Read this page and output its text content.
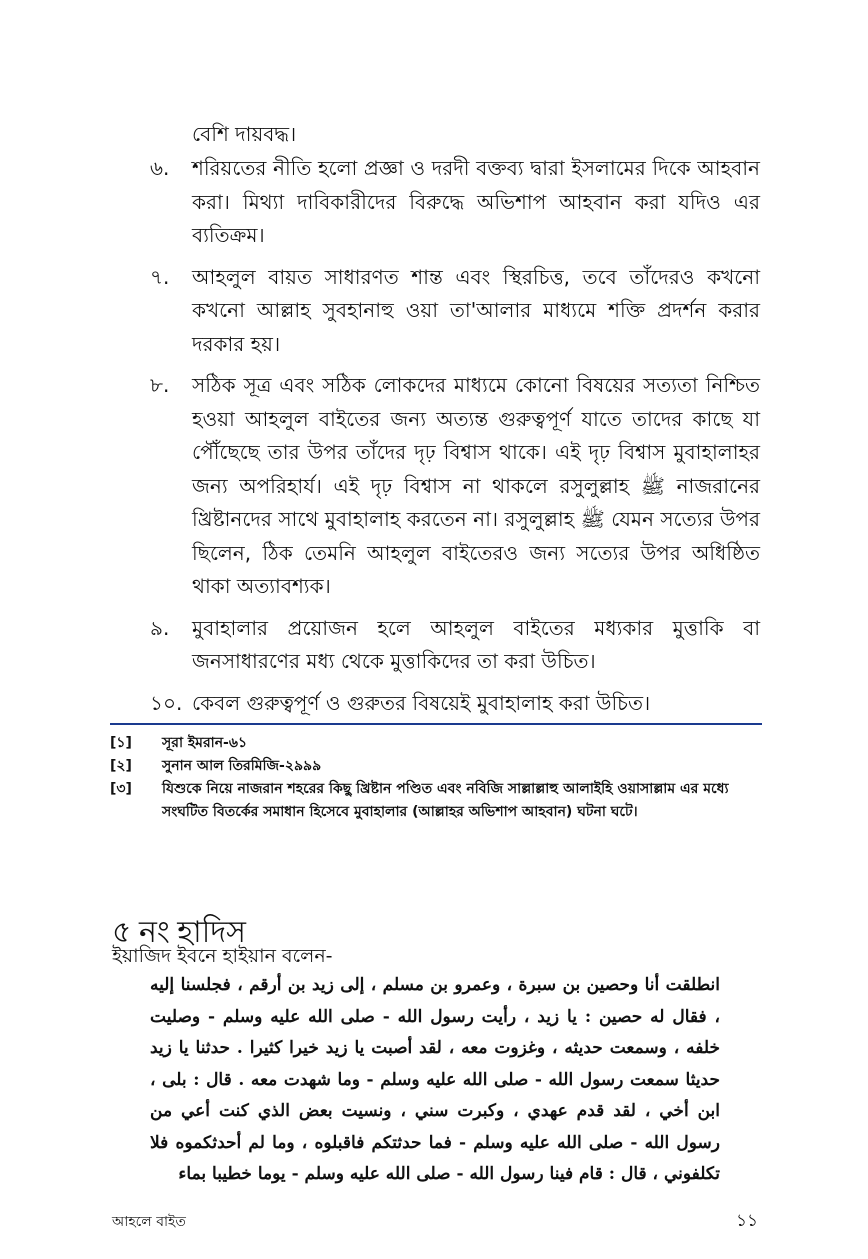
বেশি দায়বদ্ধ।
৬.	শরিয়তের নীতি হলো প্রজ্ঞা ও দরদী বক্তব্য দ্বারা ইসলামের দিকে আহবান করা। মিথ্যা দাবিকারীদের বিরুদ্ধে অভিশাপ আহবান করা যদিও এর ব্যতিক্রম।
৭.	আহলুল বায়ত সাধারণত শান্ত এবং স্থিরচিত্ত, তবে তাঁদেরও কখনো কখনো আল্লাহ সুবহানাহু ওয়া তা'আলার মাধ্যমে শক্তি প্রদর্শন করার দরকার হয়।
৮.	সঠিক সূত্র এবং সঠিক লোকদের মাধ্যমে কোনো বিষয়ের সত্যতা নিশ্চিত হওয়া আহলুল বাইতের জন্য অত্যন্ত গুরুত্বপূর্ণ যাতে তাদের কাছে যা পৌঁছেছে তার উপর তাঁদের দৃঢ় বিশ্বাস থাকে। এই দৃঢ় বিশ্বাস মুবাহালাহর জন্য অপরিহার্য। এই দৃঢ় বিশ্বাস না থাকলে রসুলুল্লাহ ﷺ নাজরানের খ্রিষ্টানদের সাথে মুবাহালাহ করতেন না। রসুলুল্লাহ ﷺ যেমন সত্যের উপর ছিলেন, ঠিক তেমনি আহলুল বাইতেরও জন্য সত্যের উপর অধিষ্ঠিত থাকা অত্যাবশ্যক।
৯.	মুবাহালার প্রয়োজন হলে আহলুল বাইতের মধ্যকার মুত্তাকি বা জনসাধারণের মধ্য থেকে মুত্তাকিদের তা করা উচিত।
১০. কেবল গুরুত্বপূর্ণ ও গুরুতর বিষয়েই মুবাহালাহ করা উচিত।
[১]	সূরা ইমরান-৬১
[২]	সুনান আল তিরমিজি-২৯৯৯
[৩]	যিশুকে নিয়ে নাজরান শহরের কিছু খ্রিষ্টান পণ্ডিত এবং নবিজি সাল্লাল্লাহু আলাইহি ওয়াসাল্লাম এর মধ্যে সংঘটিত বিতর্কের সমাধান হিসেবে মুবাহালার (আল্লাহর অভিশাপ আহবান) ঘটনা ঘটে।
৫ নং হাদিস
ইয়াজিদ ইবনে হাইয়ান বলেন-
انطلقت أنا وحصين بن سبرة ، وعمرو بن مسلم ، إلى زيد بن أرقم ، فجلسنا إليه ، فقال له حصين : يا زيد ، رأيت رسول الله - صلى الله عليه وسلم - وصليت خلفه ، وسمعت حديثه ، وغزوت معه ، لقد أصبت يا زيد خيرا كثيرا . حدثنا يا زيد حديثا سمعت رسول الله - صلى الله عليه وسلم - وما شهدت معه . قال : بلى ، ابن أخي ، لقد قدم عهدي ، وكبرت سني ، ونسيت بعض الذي كنت أعي من رسول الله - صلى الله عليه وسلم - فما حدثتكم فاقبلوه ، وما لم أحدثكموه فلا تكلفوني ، قال : قام فينا رسول الله - صلى الله عليه وسلم - يوما خطيبا بماء
আহলে বাইত	১১
